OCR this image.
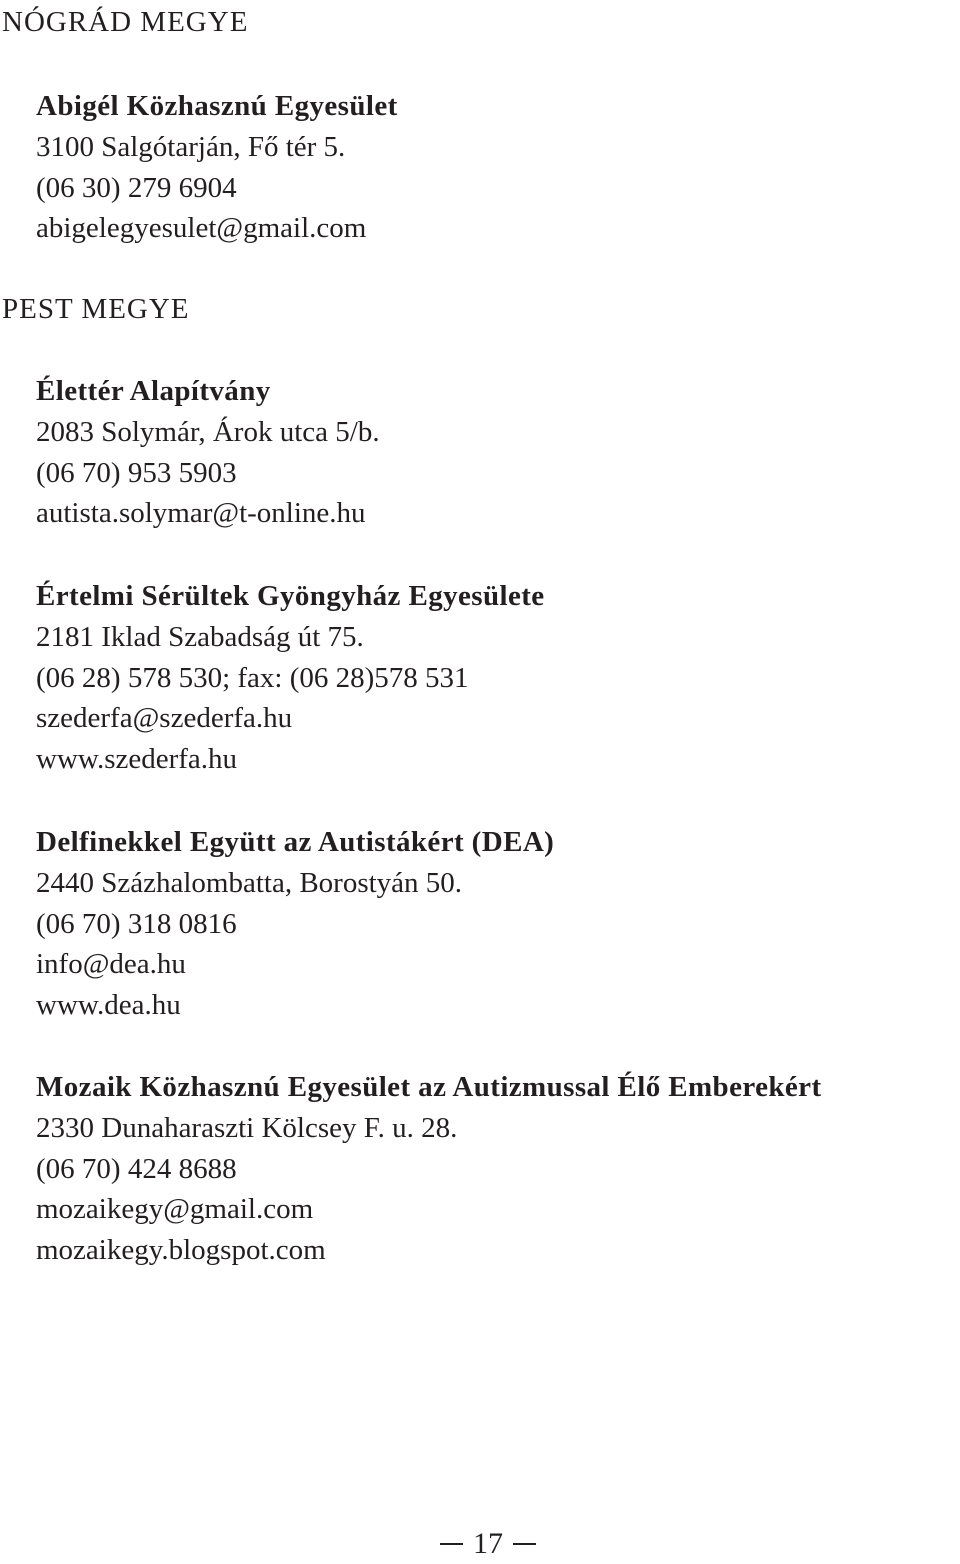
NÓGRÁD MEGYE
Abigél Közhasznú Egyesület
3100 Salgótarján, Fő tér 5.
(06 30) 279 6904
abigelegyesulet@gmail.com
PEST MEGYE
Élettér Alapítvány
2083 Solymár, Árok utca 5/b.
(06 70) 953 5903
autista.solymar@t-online.hu
Értelmi Sérültek Gyöngyház Egyesülete
2181 Iklad Szabadság út 75.
(06 28) 578 530; fax: (06 28)578 531
szederfa@szederfa.hu
www.szederfa.hu
Delfinekkel Együtt az Autistákért (DEA)
2440 Százhalombatta, Borostyán 50.
(06 70) 318 0816
info@dea.hu
www.dea.hu
Mozaik Közhasznú Egyesület az Autizmussal Élő Emberekért
2330 Dunaharaszti Kölcsey F. u. 28.
(06 70) 424 8688
mozaikegy@gmail.com
mozaikegy.blogspot.com
17
